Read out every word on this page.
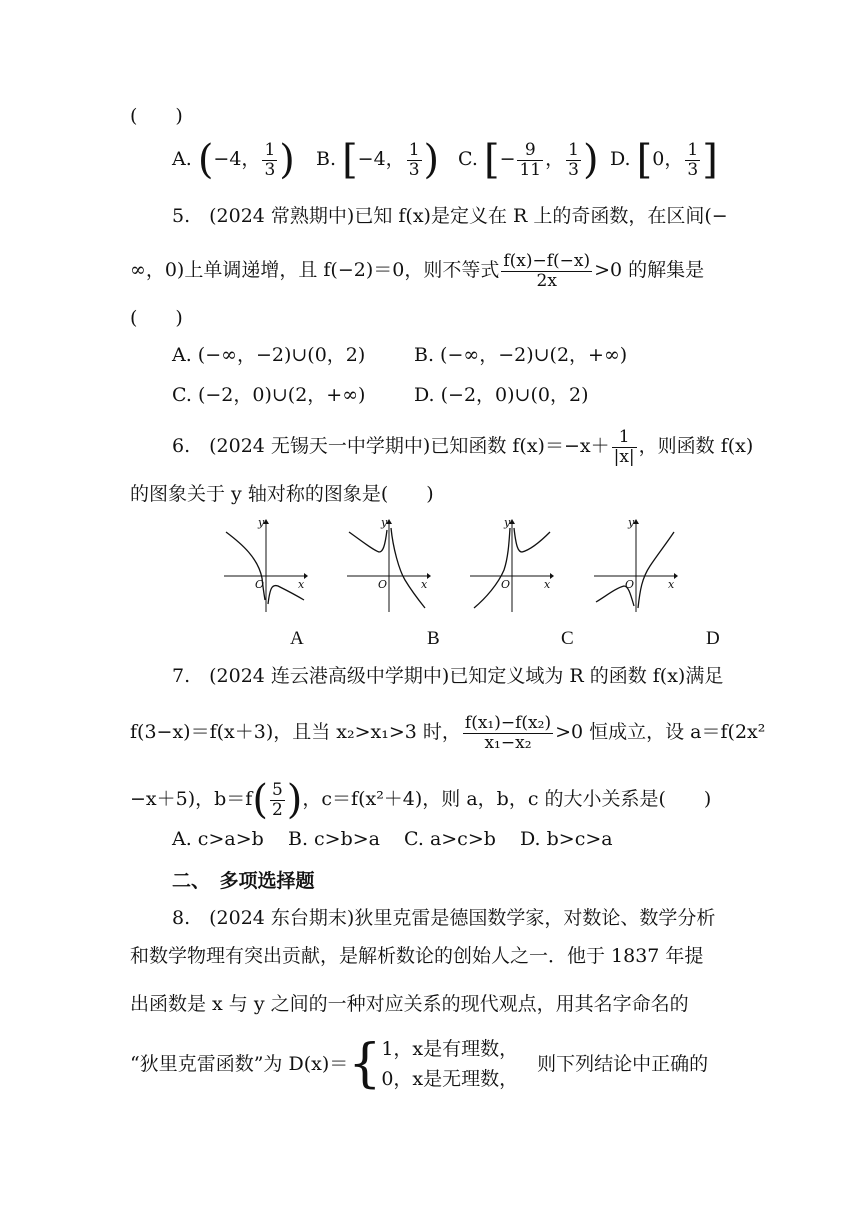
(　　)
A. (−4， $\frac{1}{3}$ ) B. [−4， $\frac{1}{3}$ ) C. [− $\frac{9}{11}$ ， $\frac{1}{3}$ ) D. [0， $\frac{1}{3}$ ]
5.　(2024 常熟期中)已知 f(x)是定义在 R 上的奇函数，在区间(−
∞，0)上单调递增，且 f(−2)＝0，则不等式 $\frac{f(x)-f(-x)}{2x} >0$ 的解集是
(　　)
A. (−∞，−2)∪(0，2)	B. (−∞，−2)∪(2，+∞)
C. (−2，0)∪(2，+∞)	D. (−2，0)∪(0，2)
6.　(2024 无锡天一中学期中)已知函数 $f(x)=-x+ \frac{1}{|x|}$ ，则函数 f(x)
的图象关于 y 轴对称的图象是(　　)
y
x
O
y
x
O
y
x
O
y
x
O
A	B	C	D
7.　(2024 连云港高级中学期中)已知定义域为 R 的函数 f(x)满足
f(3−x)＝f(x＋3)，且当 x₂>x₁>3 时， $\frac{\text{f(x₁)−f(x₂)}}{\text{x₁−x₂}} >0$ 恒成立，设 a＝f(2x²
−x＋5)，$b=f( \frac{5}{2}$ )，c＝f(x²＋4)，则 a，b，c 的大小关系是(　　)
A. c>a>b B. c>b>a C. a>c>b D. b>c>a
二、　多项选择题
8.　(2024 东台期末)狄里克雷是德国数学家，对数论、数学分析
和数学物理有突出贡献，是解析数论的创始人之一．他于 1837 年提
出函数是 x 与 y 之间的一种对应关系的现代观点，用其名字命名的
“狄里克雷函数”为 D(x)＝{ 1，x是有理数，
0，x是无理数，
　则下列结论中正确的
